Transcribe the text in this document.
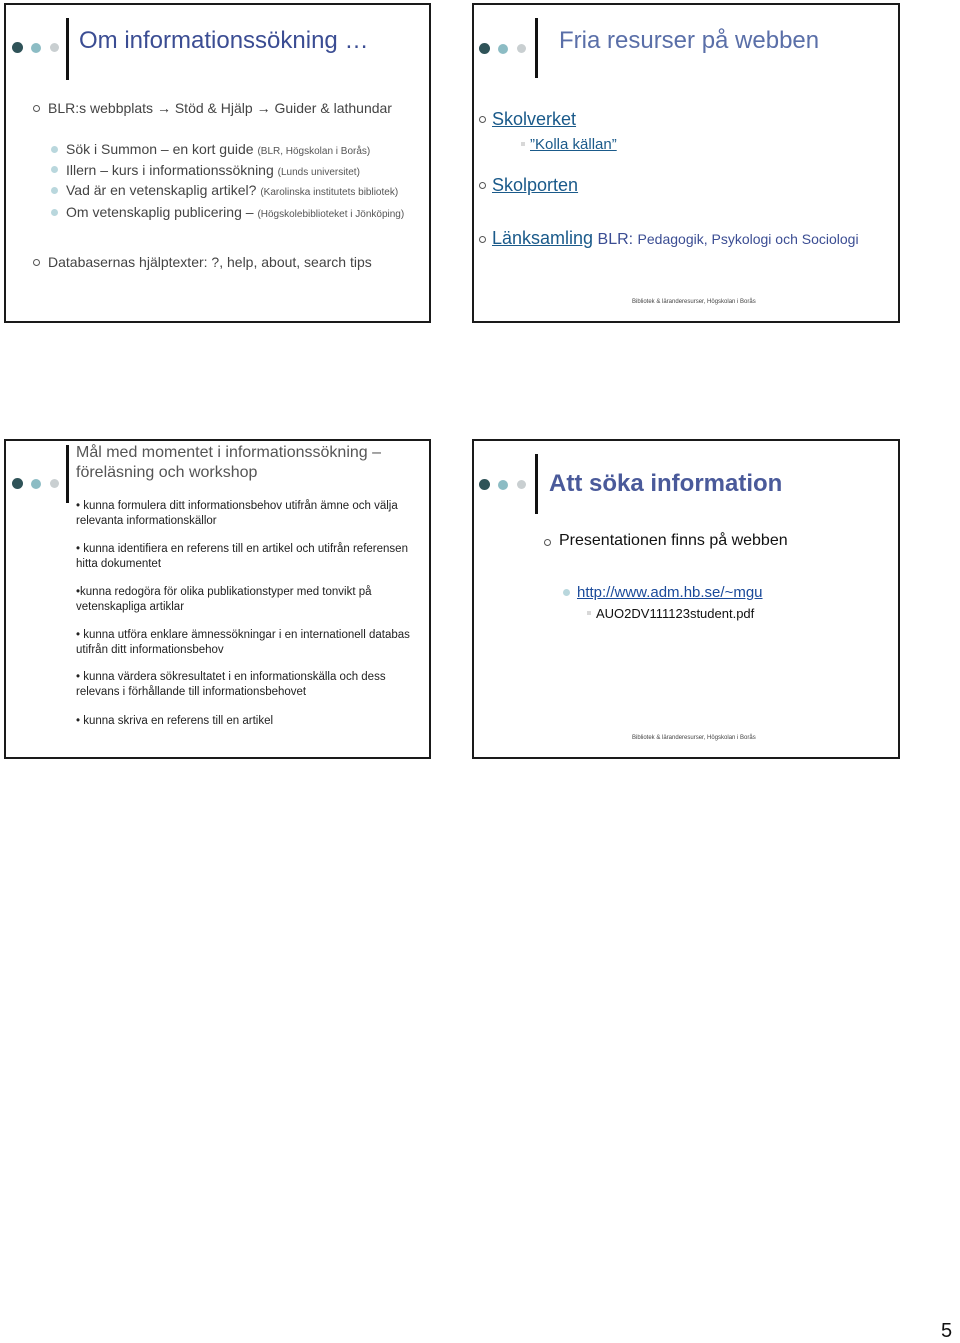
Om informationssökning …
BLR:s webbplats → Stöd & Hjälp → Guider & lathundar
Sök i Summon – en kort guide (BLR, Högskolan i Borås)
Illern – kurs i informationssökning (Lunds universitet)
Vad är en vetenskaplig artikel? (Karolinska institutets bibliotek)
Om vetenskaplig publicering – (Högskolebiblioteket i Jönköping)
Databasernas hjälptexter: ?, help, about, search tips
Fria resurser på webben
Skolverket
”Kolla källan”
Skolporten
Länksamling BLR: Pedagogik, Psykologi och Sociologi
Bibliotek & läranderesurser, Högskolan i Borås
Mål med momentet i informationssökning –
föreläsning och workshop
• kunna formulera ditt informationsbehov utifrån ämne och välja relevanta informationskällor
• kunna identifiera en referens till en artikel och utifrån referensen hitta dokumentet
•kunna redogöra för olika publikationstyper med tonvikt på vetenskapliga artiklar
• kunna utföra enklare ämnessökningar i en internationell databas utifrån ditt informationsbehov
• kunna värdera sökresultatet i en informationskälla och dess relevans i förhållande till informationsbehovet
• kunna skriva en referens till en artikel
Att söka information
Presentationen finns på webben
http://www.adm.hb.se/~mgu
AUO2DV111123student.pdf
Bibliotek & läranderesurser, Högskolan i Borås
5
